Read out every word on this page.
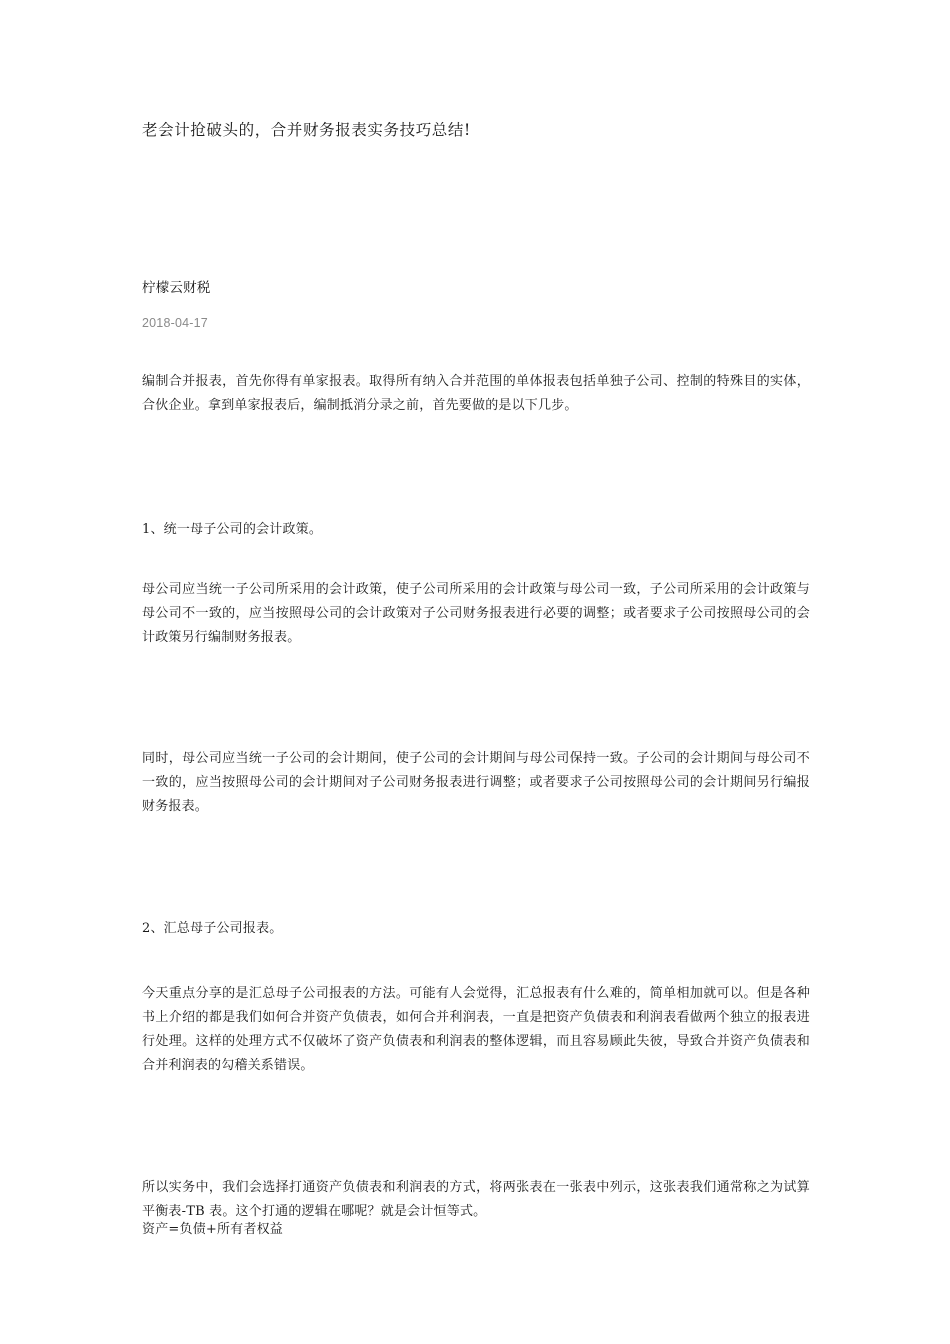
老会计抢破头的，合并财务报表实务技巧总结!

柠檬云财税

2018-04-17

编制合并报表，首先你得有单家报表。取得所有纳入合并范围的单体报表包括单独子公司、控制的特殊目的实体，合伙企业。拿到单家报表后，编制抵消分录之前，首先要做的是以下几步。

1、统一母子公司的会计政策。

母公司应当统一子公司所采用的会计政策，使子公司所采用的会计政策与母公司一致，子公司所采用的会计政策与母公司不一致的，应当按照母公司的会计政策对子公司财务报表进行必要的调整；或者要求子公司按照母公司的会计政策另行编制财务报表。

同时，母公司应当统一子公司的会计期间，使子公司的会计期间与母公司保持一致。子公司的会计期间与母公司不一致的，应当按照母公司的会计期间对子公司财务报表进行调整；或者要求子公司按照母公司的会计期间另行编报财务报表。

2、汇总母子公司报表。

今天重点分享的是汇总母子公司报表的方法。可能有人会觉得，汇总报表有什么难的，简单相加就可以。但是各种书上介绍的都是我们如何合并资产负债表，如何合并利润表，一直是把资产负债表和利润表看做两个独立的报表进行处理。这样的处理方式不仅破坏了资产负债表和利润表的整体逻辑，而且容易顾此失彼，导致合并资产负债表和合并利润表的勾稽关系错误。

所以实务中，我们会选择打通资产负债表和利润表的方式，将两张表在一张表中列示，这张表我们通常称之为试算平衡表-TB 表。这个打通的逻辑在哪呢？就是会计恒等式。

资产=负债+所有者权益
